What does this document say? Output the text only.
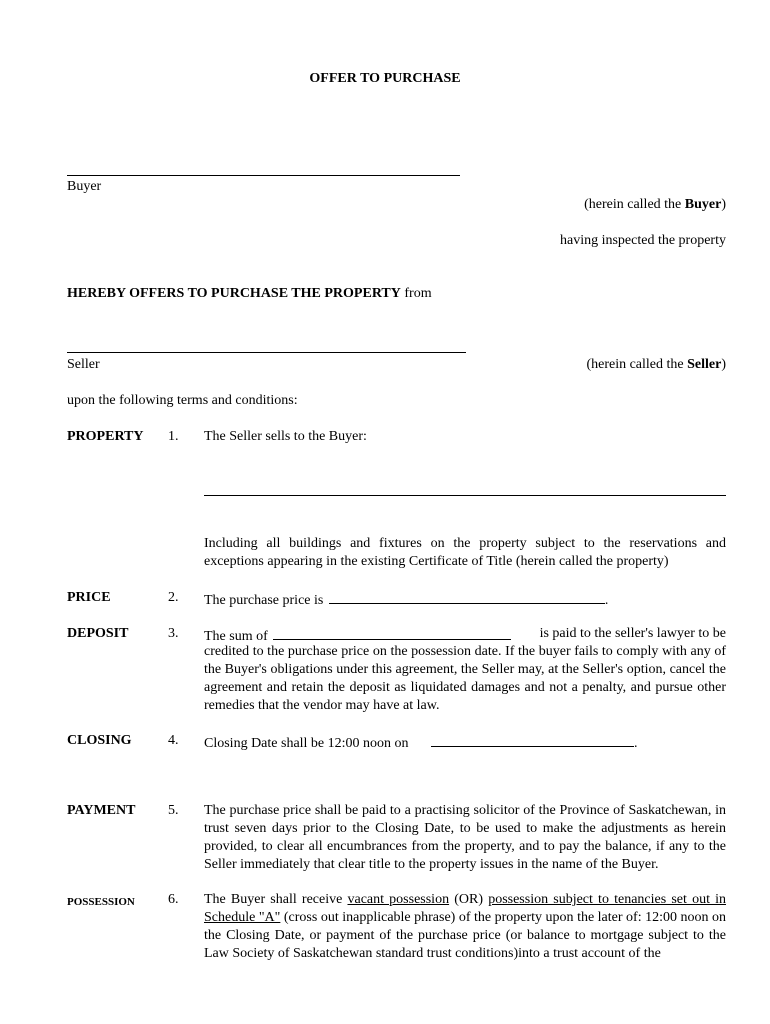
OFFER TO PURCHASE
Buyer
(herein called the Buyer)
having inspected the property
HEREBY OFFERS TO PURCHASE THE PROPERTY from
Seller	(herein called the Seller)
upon the following terms and conditions:
PROPERTY 1.	The Seller sells to the Buyer:
Including all buildings and fixtures on the property subject to the reservations and exceptions appearing in the existing Certificate of Title (herein called the property)
PRICE	2.	The purchase price is	.
DEPOSIT	3.	The sum of	is paid to the seller's lawyer to be
credited to the purchase price on the possession date. If the buyer fails to comply with any of the Buyer's obligations under this agreement, the Seller may, at the Seller's option, cancel the agreement and retain the deposit as liquidated damages and not a penalty, and pursue other remedies that the vendor may have at law.
CLOSING	4.	Closing Date shall be 12:00 noon on	.
PAYMENT 5.	The purchase price shall be paid to a practising solicitor of the Province of Saskatchewan, in trust seven days prior to the Closing Date, to be used to make the adjustments as herein provided, to clear all encumbrances from the property, and to pay the balance, if any to the Seller immediately that clear title to the property issues in the name of the Buyer.
POSSESSION 6.	The Buyer shall receive vacant possession (OR) possession subject to tenancies set out in Schedule "A" (cross out inapplicable phrase) of the property upon the later of: 12:00 noon on the Closing Date, or payment of the purchase price (or balance to mortgage subject to the Law Society of Saskatchewan standard trust conditions)into a trust account of the
